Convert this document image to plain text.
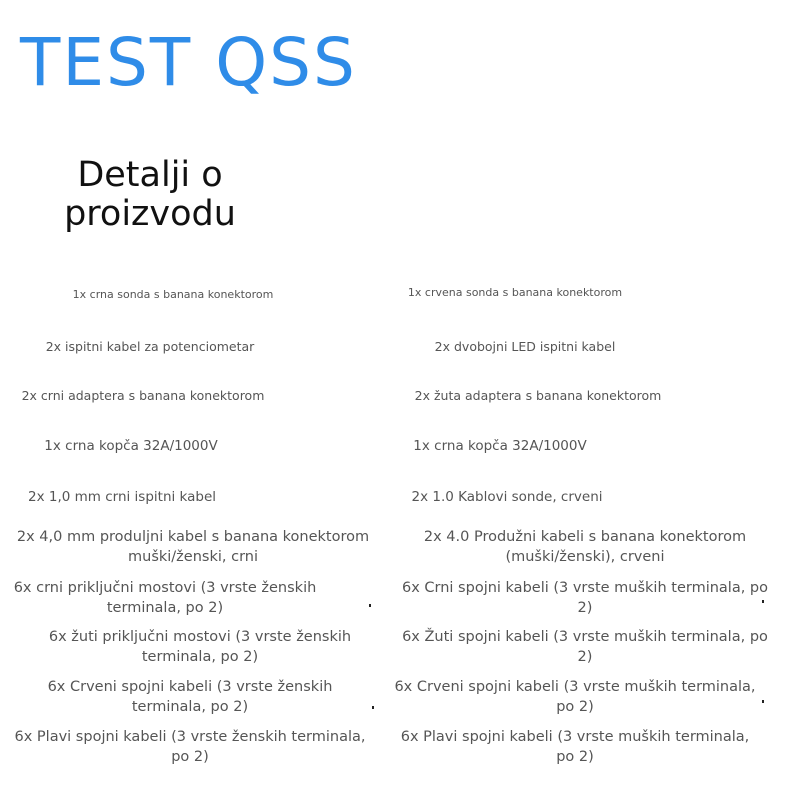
TEST QSS
Detalji o proizvodu
1x crna sonda s banana konektorom
2x ispitni kabel za potenciometar
2x crni adaptera s banana konektorom
1x crna kopča 32A/1000V
2x 1,0 mm crni ispitni kabel
2x 4,0 mm produljni kabel s banana konektorom muški/ženski, crni
6x crni priključni mostovi (3 vrste ženskih terminala, po 2)
6x žuti priključni mostovi (3 vrste ženskih terminala, po 2)
6x Crveni spojni kabeli (3 vrste ženskih terminala, po 2)
6x Plavi spojni kabeli (3 vrste ženskih terminala, po 2)
1x crvena sonda s banana konektorom
2x dvobojni LED ispitni kabel
2x žuta adaptera s banana konektorom
1x crna kopča 32A/1000V
2x 1.0 Kablovi sonde, crveni
2x 4.0 Produžni kabeli s banana konektorom (muški/ženski), crveni
6x Crni spojni kabeli (3 vrste muških terminala, po 2)
6x Žuti spojni kabeli (3 vrste muških terminala, po 2)
6x Crveni spojni kabeli (3 vrste muških terminala, po 2)
6x Plavi spojni kabeli (3 vrste muških terminala, po 2)
